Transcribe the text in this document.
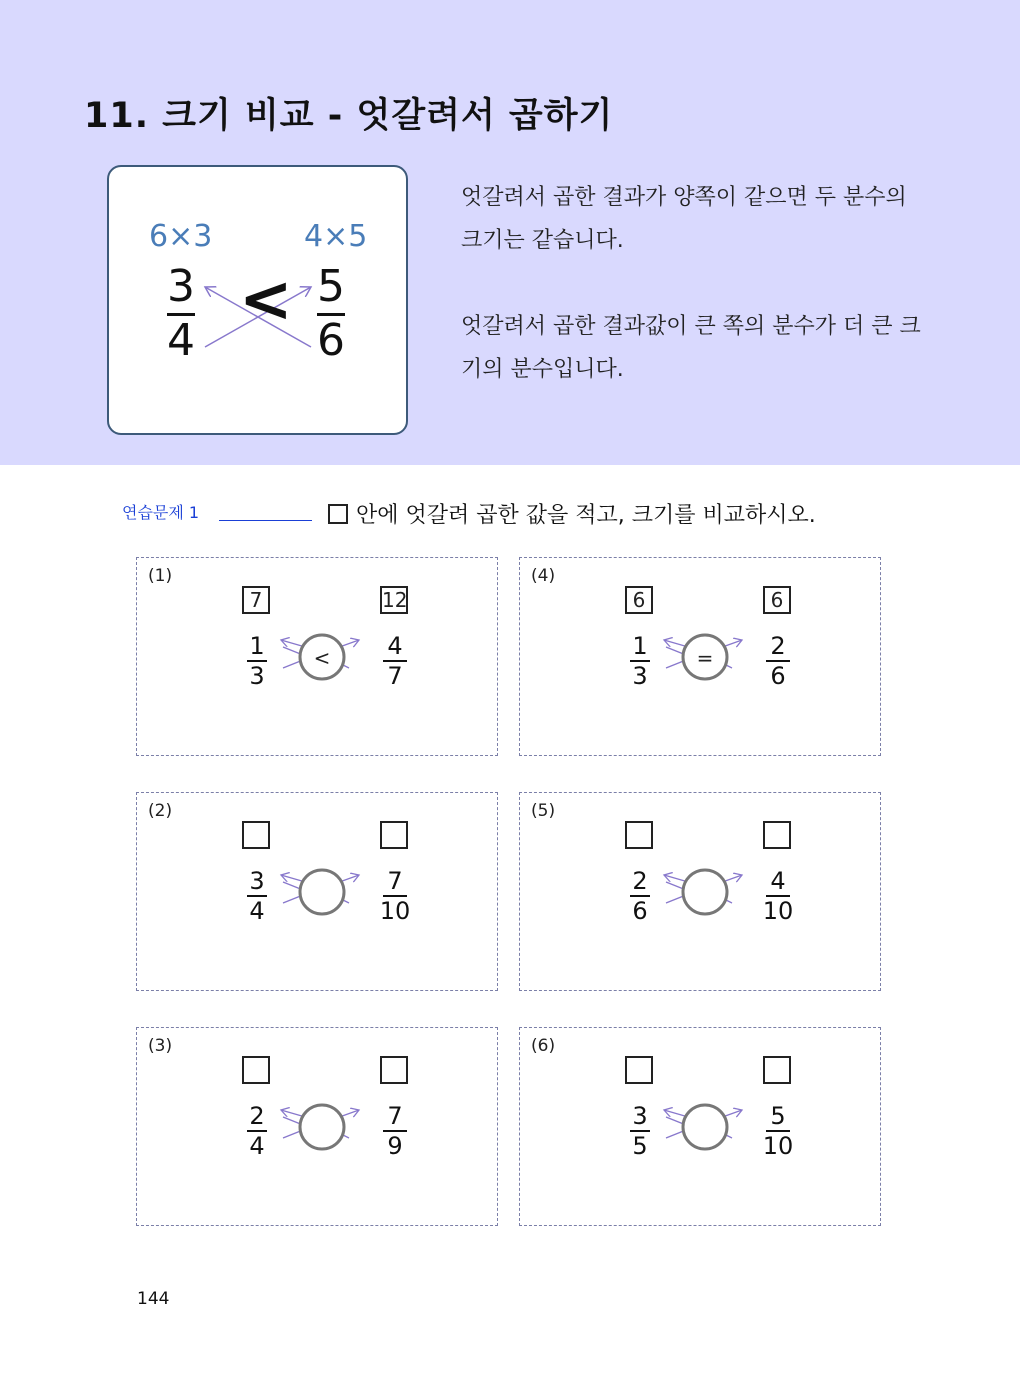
11. 크기 비교 - 엇갈려서 곱하기
6×3	4×5
3
4
< 5
6

엇갈려서 곱한 결과가 양쪽이 같으면 두 분수의 크기는 같습니다.

엇갈려서 곱한 결과값이 큰 쪽의 분수가 더 큰 크기의 분수입니다.

연습문제 1	안에 엇갈려 곱한 값을 적고, 크기를 비교하시오.
(1)
7	12
1
3
<	4
7
(2)
3
4
7
10
(3)
2
4
7
9
(4)
6	6
1
3
=	2
6
(5)
2
6
4
10
(6)
3
5
5
10
144
